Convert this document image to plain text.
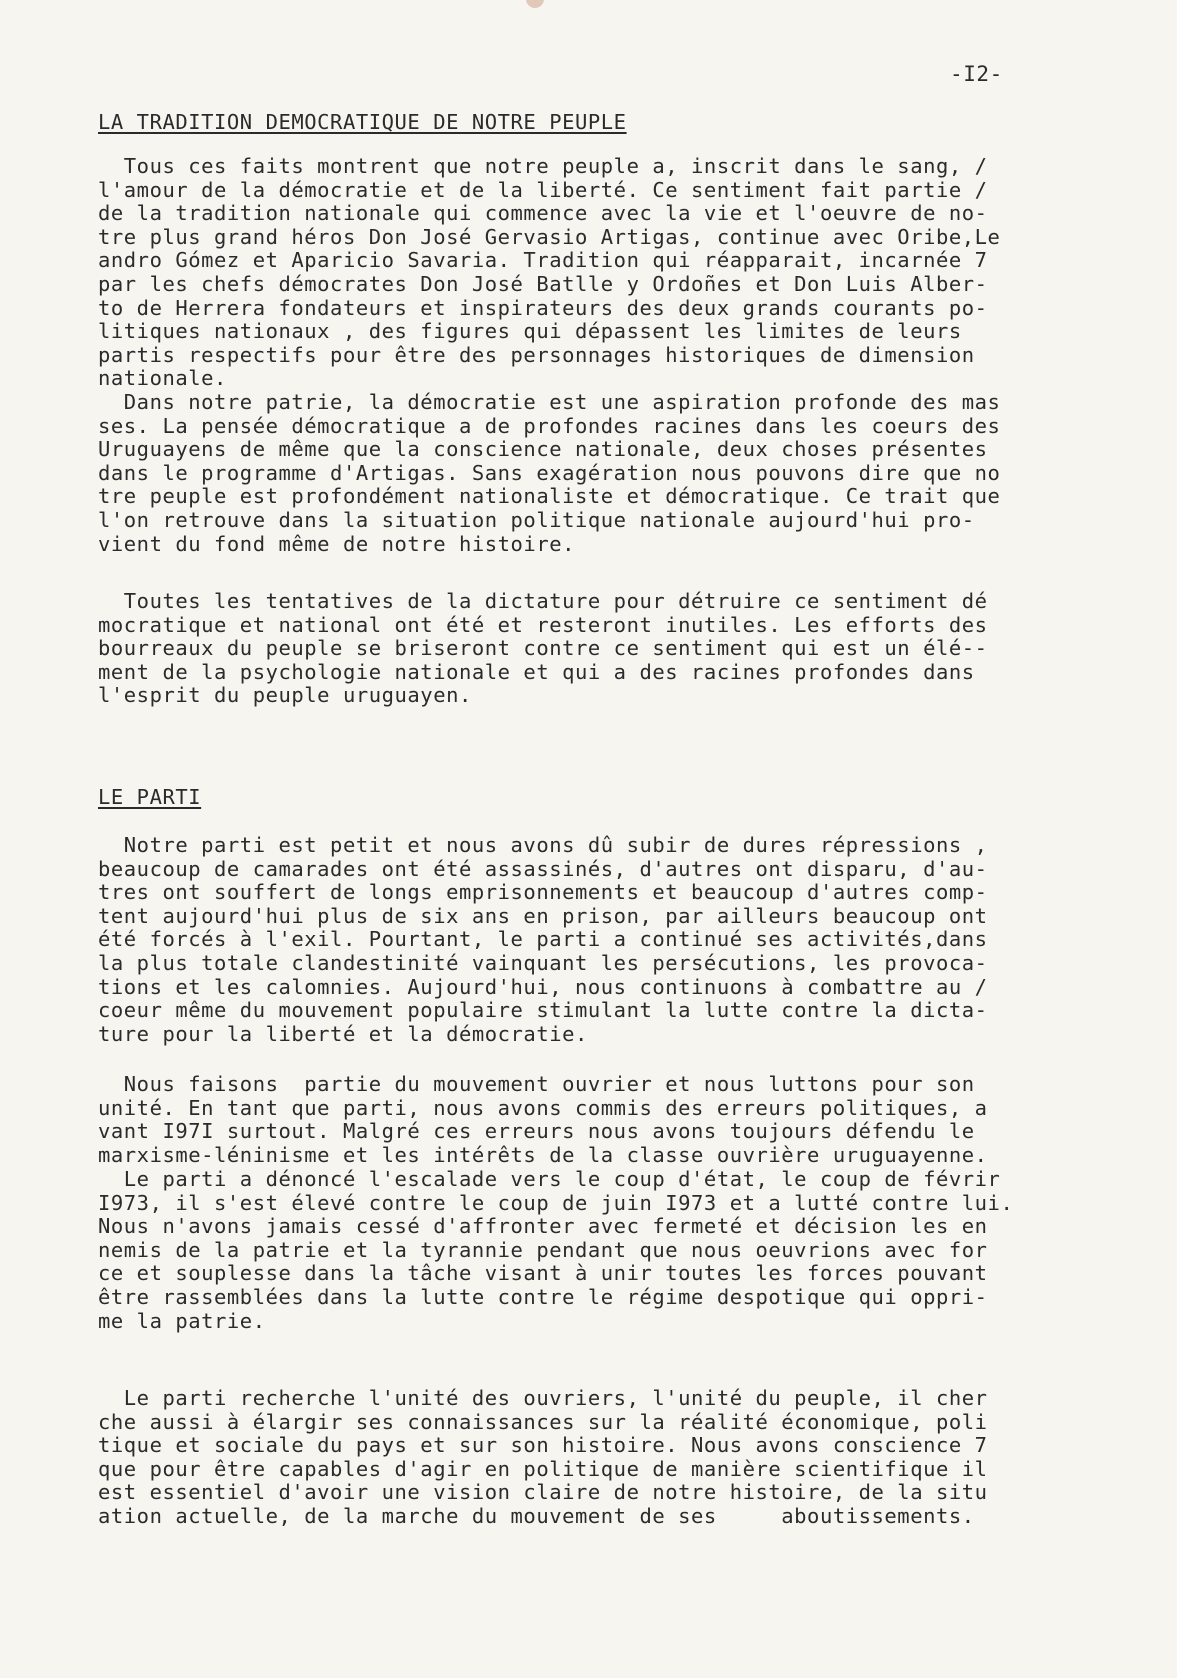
-I2-
LA TRADITION DEMOCRATIQUE DE NOTRE PEUPLE
Tous ces faits montrent que notre peuple a, inscrit dans le sang, /
l'amour de la démocratie et de la liberté. Ce sentiment fait partie /
de la tradition nationale qui commence avec la vie et l'oeuvre de no-
tre plus grand héros Don José Gervasio Artigas, continue avec Oribe,Le
andro Gómez et Aparicio Savaria. Tradition qui réapparait, incarnée 7
par les chefs démocrates Don José Batlle y Ordoñes et Don Luis Alber-
to de Herrera fondateurs et inspirateurs des deux grands courants po-
litiques nationaux , des figures qui dépassent les limites de leurs
partis respectifs pour être des personnages historiques de dimension
nationale.
Dans notre patrie, la démocratie est une aspiration profonde des mas
ses. La pensée démocratique a de profondes racines dans les coeurs des
Uruguayens de même que la conscience nationale, deux choses présentes
dans le programme d'Artigas. Sans exagération nous pouvons dire que no
tre peuple est profondément nationaliste et démocratique. Ce trait que
l'on retrouve dans la situation politique nationale aujourd'hui pro-
vient du fond même de notre histoire.
Toutes les tentatives de la dictature pour détruire ce sentiment dé
mocratique et national ont été et resteront inutiles. Les efforts des
bourreaux du peuple se briseront contre ce sentiment qui est un élé--
ment de la psychologie nationale et qui a des racines profondes dans
l'esprit du peuple uruguayen.
LE PARTI
Notre parti est petit et nous avons dû subir de dures répressions ,
beaucoup de camarades ont été assassinés, d'autres ont disparu, d'au-
tres ont souffert de longs emprisonnements et beaucoup d'autres comp-
tent aujourd'hui plus de six ans en prison, par ailleurs beaucoup ont
été forcés à l'exil. Pourtant, le parti a continué ses activités,dans
la plus totale clandestinité vainquant les persécutions, les provoca-
tions et les calomnies. Aujourd'hui, nous continuons à combattre au /
coeur même du mouvement populaire stimulant la lutte contre la dicta-
ture pour la liberté et la démocratie.
Nous faisons  partie du mouvement ouvrier et nous luttons pour son
unité. En tant que parti, nous avons commis des erreurs politiques, a
vant I97I surtout. Malgré ces erreurs nous avons toujours défendu le
marxisme-léninisme et les intérêts de la classe ouvrière uruguayenne.
Le parti a dénoncé l'escalade vers le coup d'état, le coup de févrir
I973, il s'est élevé contre le coup de juin I973 et a lutté contre lui.
Nous n'avons jamais cessé d'affronter avec fermeté et décision les en
nemis de la patrie et la tyrannie pendant que nous oeuvrions avec for
ce et souplesse dans la tâche visant à unir toutes les forces pouvant
être rassemblées dans la lutte contre le régime despotique qui oppri-
me la patrie.
Le parti recherche l'unité des ouvriers, l'unité du peuple, il cher
che aussi à élargir ses connaissances sur la réalité économique, poli
tique et sociale du pays et sur son histoire. Nous avons conscience 7
que pour être capables d'agir en politique de manière scientifique il
est essentiel d'avoir une vision claire de notre histoire, de la situ
ation actuelle, de la marche du mouvement de ses     aboutissements.
